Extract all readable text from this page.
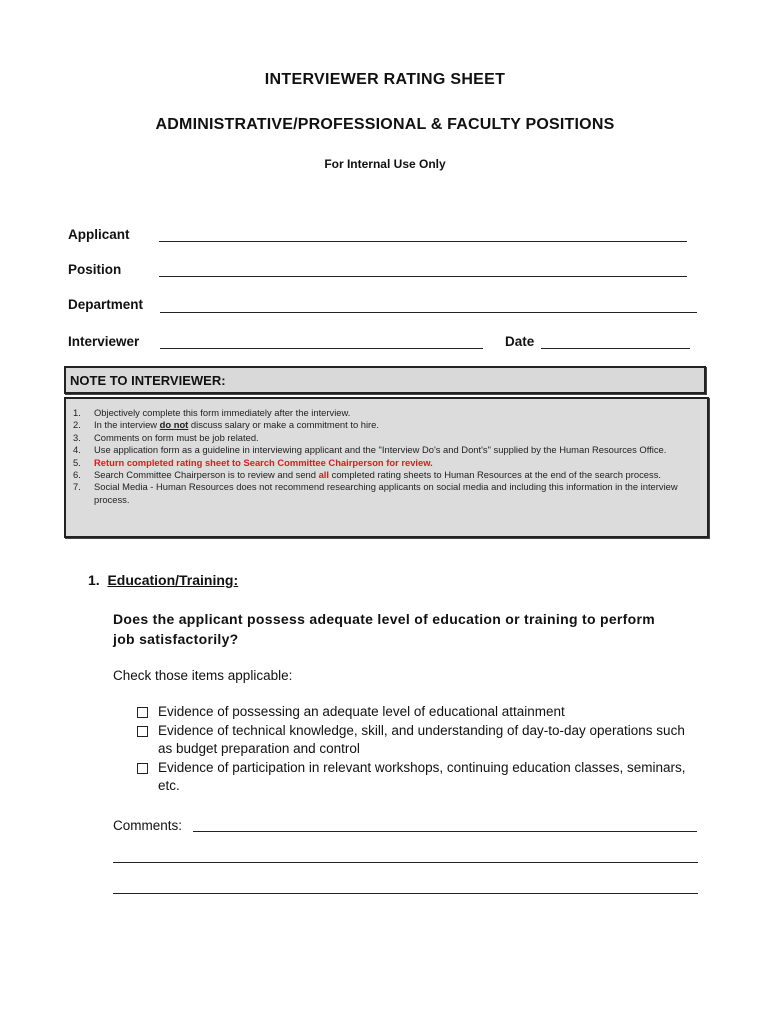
INTERVIEWER RATING SHEET
ADMINISTRATIVE/PROFESSIONAL & FACULTY POSITIONS
For Internal Use Only
Applicant
Position
Department
Interviewer	Date
NOTE TO INTERVIEWER:
1. Objectively complete this form immediately after the interview.
2. In the interview do not discuss salary or make a commitment to hire.
3. Comments on form must be job related.
4. Use application form as a guideline in interviewing applicant and the "Interview Do's and Dont's" supplied by the Human Resources Office.
5. Return completed rating sheet to Search Committee Chairperson for review.
6. Search Committee Chairperson is to review and send all completed rating sheets to Human Resources at the end of the search process.
7. Social Media - Human Resources does not recommend researching applicants on social media and including this information in the interview process.
1. Education/Training:
Does the applicant possess adequate level of education or training to perform job satisfactorily?
Check those items applicable:
Evidence of possessing an adequate level of educational attainment
Evidence of technical knowledge, skill, and understanding of day-to-day operations such as budget preparation and control
Evidence of participation in relevant workshops, continuing education classes, seminars, etc.
Comments:
